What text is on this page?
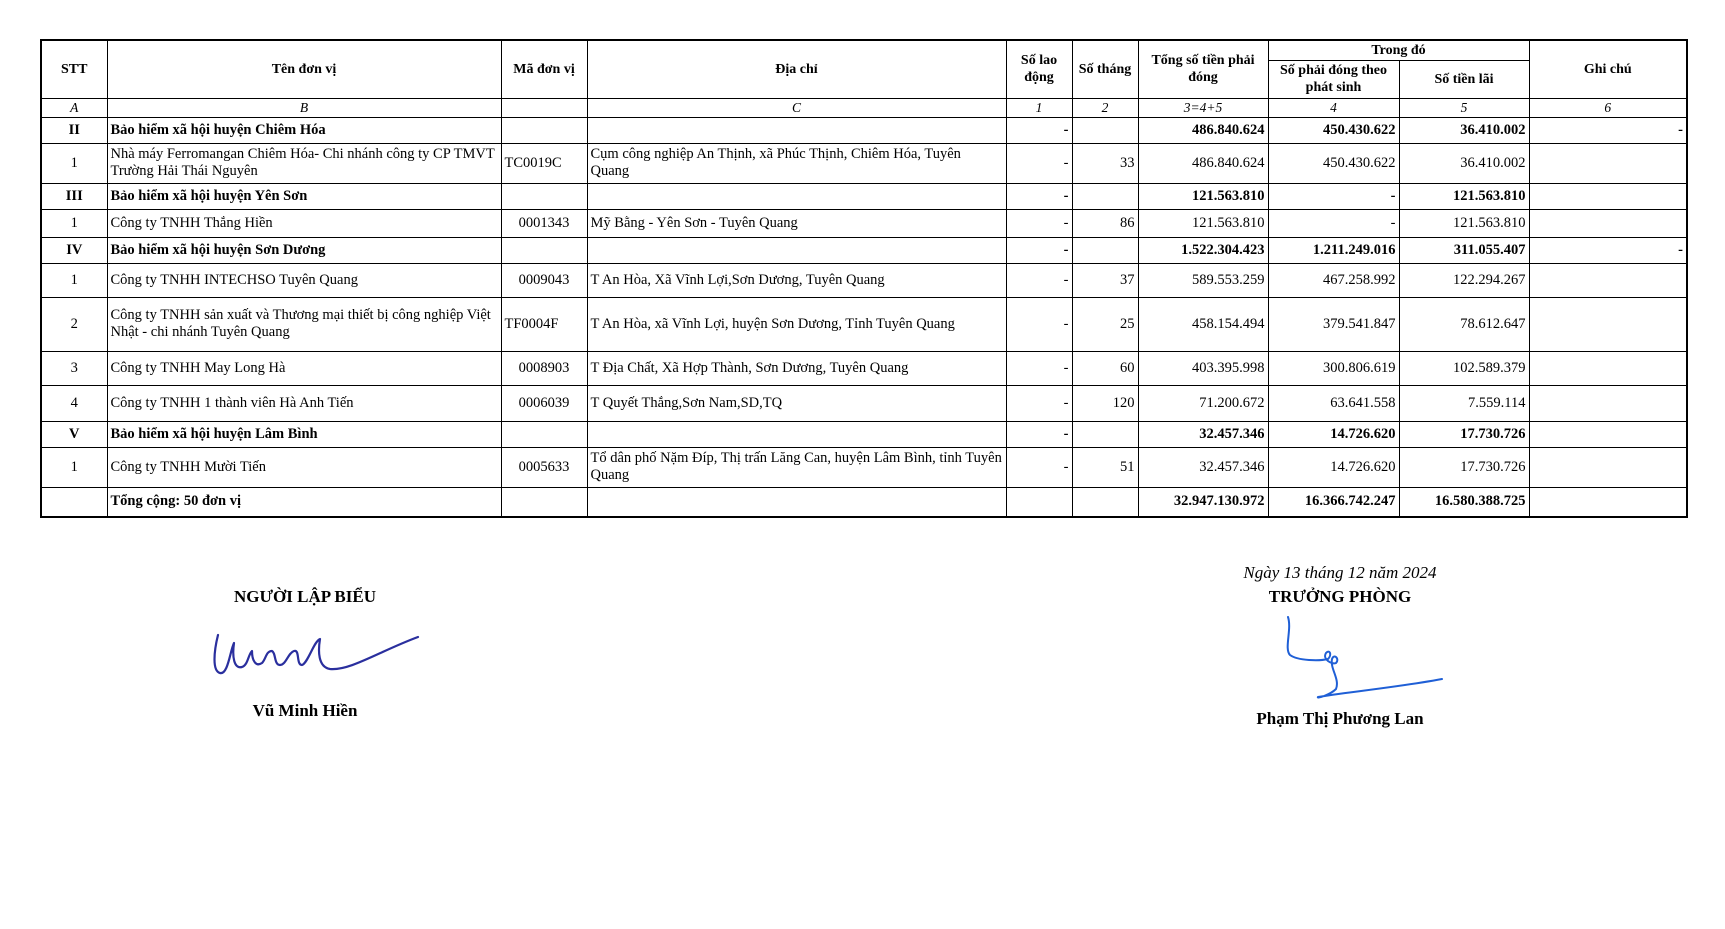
STT	Tên đơn vị	Mã đơn vị	Địa chỉ	Số lao động	Số tháng	Tổng số tiền phải đóng	Trong đó		Ghi chú
							Số phải đóng theo phát sinh	Số tiền lãi	
A	B		C	1	2	3=4+5	4	5	6
II	Bảo hiểm xã hội huyện Chiêm Hóa			-		486.840.624	450.430.622	36.410.002	-
1	Nhà máy Ferromangan Chiêm Hóa- Chi nhánh công ty CP TMVT Trường Hải Thái Nguyên	TC0019C	Cụm công nghiệp An Thịnh, xã Phúc Thịnh, Chiêm Hóa, Tuyên Quang	-	33	486.840.624	450.430.622	36.410.002	
III	Bảo hiểm xã hội huyện Yên Sơn			-		121.563.810	-	121.563.810	
1	Công ty TNHH Thắng Hiền	0001343	Mỹ Bằng - Yên Sơn - Tuyên Quang	-	86	121.563.810	-	121.563.810	
IV	Bảo hiểm xã hội huyện Sơn Dương			-		1.522.304.423	1.211.249.016	311.055.407	-
1	Công ty TNHH INTECHSO Tuyên Quang	0009043	T An Hòa, Xã Vĩnh Lợi,Sơn Dương, Tuyên Quang	-	37	589.553.259	467.258.992	122.294.267	
2	Công ty TNHH sản xuất và Thương mại thiết bị công nghiệp Việt Nhật - chi nhánh Tuyên Quang	TF0004F	T An Hòa, xã Vĩnh Lợi, huyện Sơn Dương, Tỉnh Tuyên Quang	-	25	458.154.494	379.541.847	78.612.647	
3	Công ty TNHH May Long Hà	0008903	T Địa Chất, Xã Hợp Thành, Sơn Dương, Tuyên Quang	-	60	403.395.998	300.806.619	102.589.379	
4	Công ty TNHH 1 thành viên Hà Anh Tiến	0006039	T Quyết Thắng,Sơn Nam,SD,TQ	-	120	71.200.672	63.641.558	7.559.114	
V	Bảo hiểm xã hội huyện Lâm Bình			-		32.457.346	14.726.620	17.730.726	
1	Công ty TNHH Mười Tiến	0005633	Tổ dân phố Nặm Đíp, Thị trấn Lăng Can, huyện Lâm Bình, tỉnh Tuyên Quang	-	51	32.457.346	14.726.620	17.730.726	
	Tổng cộng: 50 đơn vị					32.947.130.972	16.366.742.247	16.580.388.725	
NGƯỜI LẬP BIỂU
Vũ Minh Hiền
Ngày 13 tháng 12 năm 2024
TRƯỞNG PHÒNG
Phạm Thị Phương Lan
